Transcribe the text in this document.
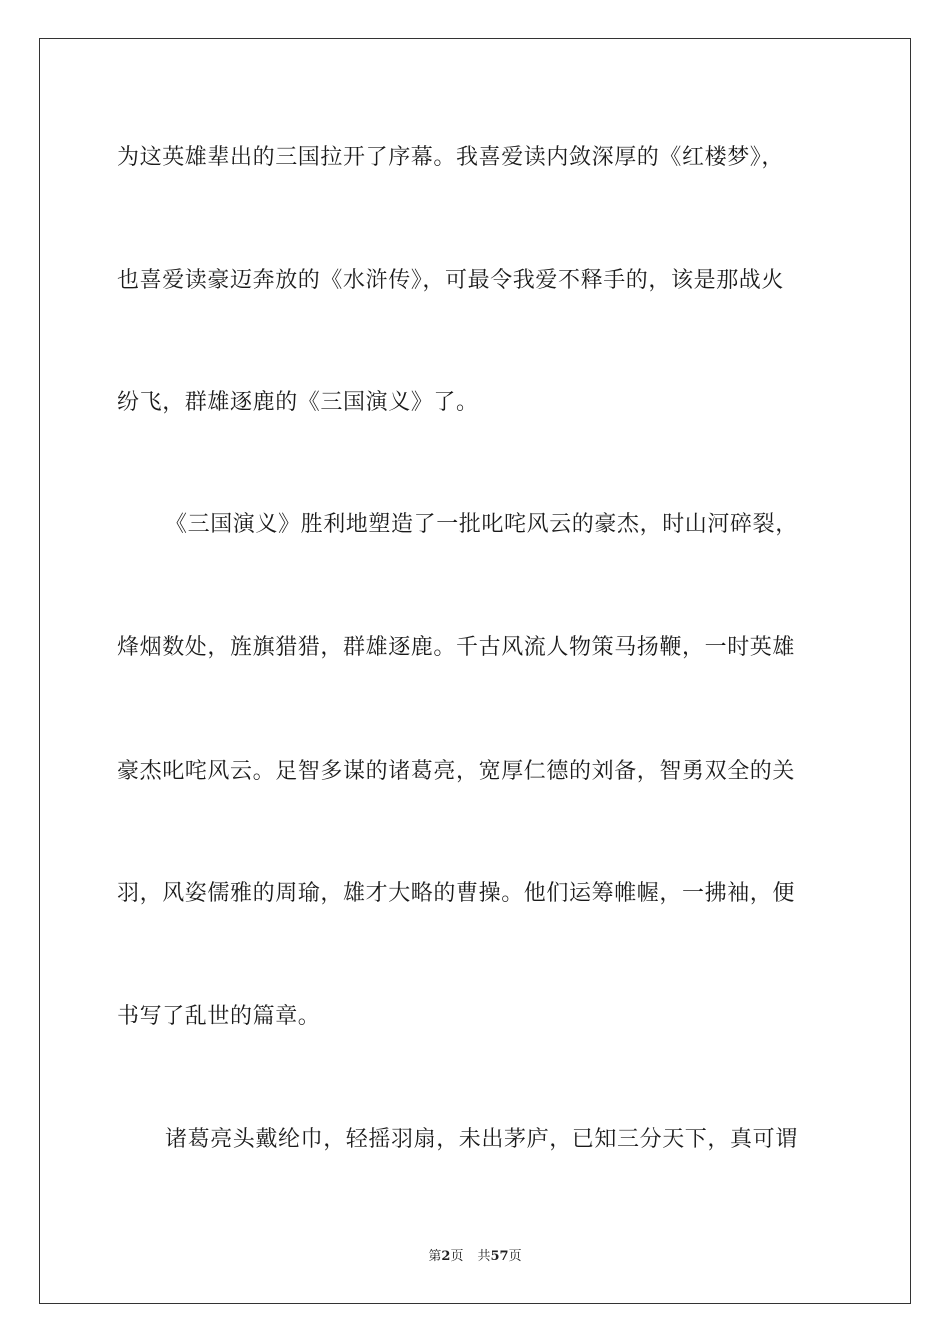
为这英雄辈出的三国拉开了序幕。我喜爱读内敛深厚的《红楼梦》，

也喜爱读豪迈奔放的《水浒传》，可最令我爱不释手的，该是那战火

纷飞，群雄逐鹿的《三国演义》了。

《三国演义》胜利地塑造了一批叱咤风云的豪杰，时山河碎裂，

烽烟数处，旌旗猎猎，群雄逐鹿。千古风流人物策马扬鞭，一时英雄

豪杰叱咤风云。足智多谋的诸葛亮，宽厚仁德的刘备，智勇双全的关

羽，风姿儒雅的周瑜，雄才大略的曹操。他们运筹帷幄，一拂袖，便

书写了乱世的篇章。

诸葛亮头戴纶巾，轻摇羽扇，未出茅庐，已知三分天下，真可谓

第2页 共57页
